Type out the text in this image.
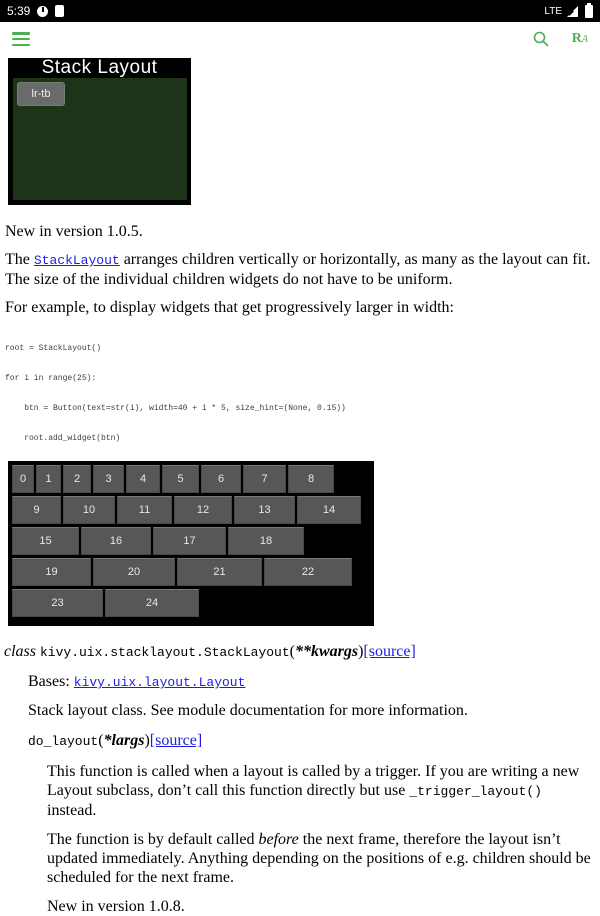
5:39	LTE
RA
Stack Layout
lr-tb

New in version 1.0.5.

The StackLayout arranges children vertically or horizontally, as many as the layout can fit. The size of the individual children widgets do not have to be uniform.

For example, to display widgets that get progressively larger in width:

root = StackLayout()

for i in range(25):

btn = Button(text=str(i), width=40 + i * 5, size_hint=(None, 0.15))

root.add_widget(btn)

0 1 2 3	4	5	6	7	8
9	10	11	12	13	14
15	16	17	18
19	20	21	22
23	24
class kivy.uix.stacklayout.StackLayout(**kwargs)[source]

Bases: kivy.uix.layout.Layout

Stack layout class. See module documentation for more information.

do_layout(*largs)[source]

This function is called when a layout is called by a trigger. If you are writing a new Layout subclass, don’t call this function directly but use _trigger_layout() instead.

The function is by default called before the next frame, therefore the layout isn’t updated immediately. Anything depending on the positions of e.g. children should be scheduled for the next frame.

New in version 1.0.8.
